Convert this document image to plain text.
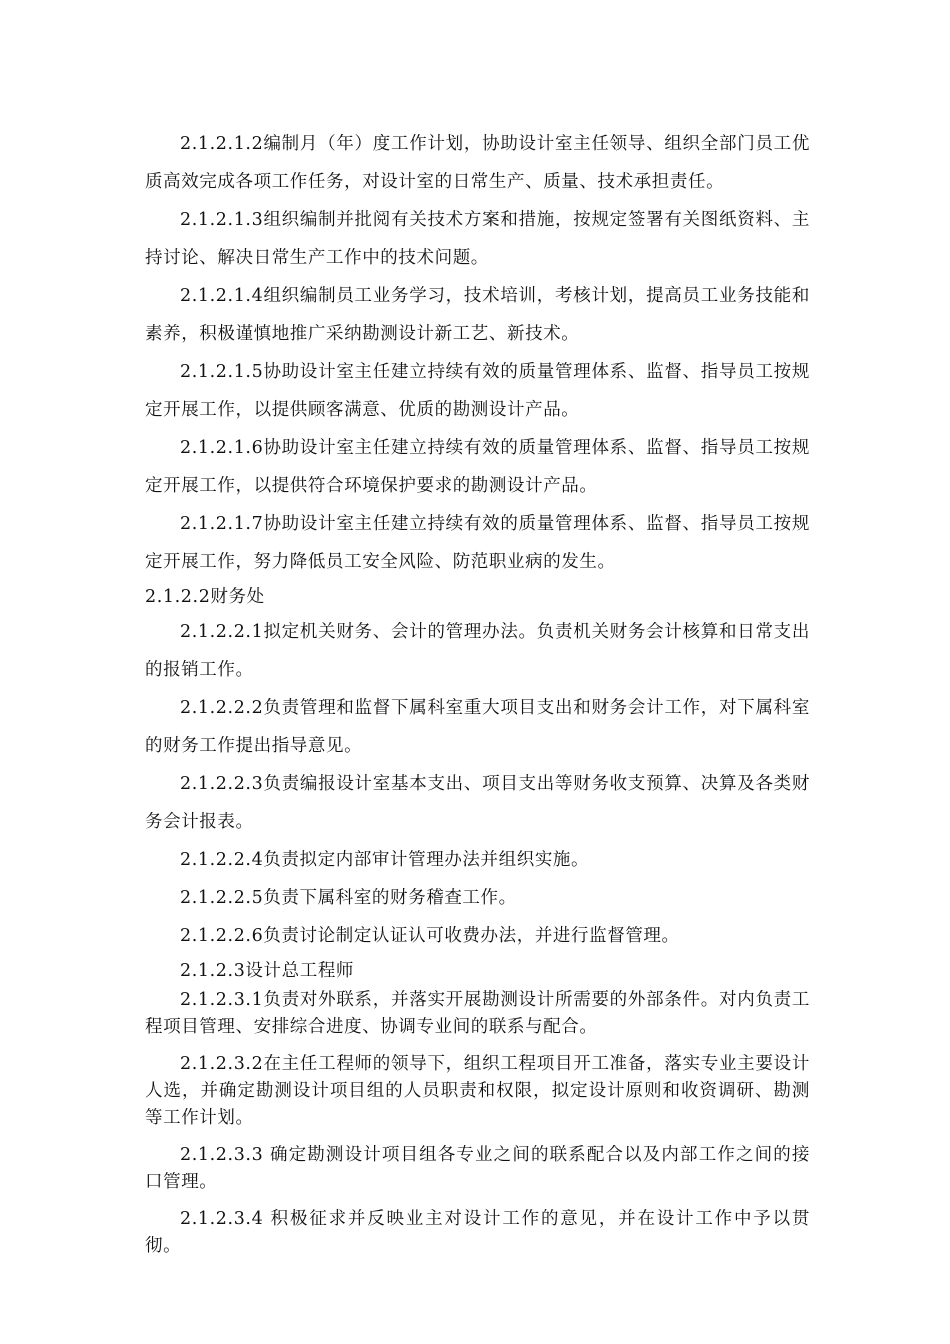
2.1.2.1.2编制月（年）度工作计划，协助设计室主任领导、组织全部门员工优质高效完成各项工作任务，对设计室的日常生产、质量、技术承担责任。

2.1.2.1.3组织编制并批阅有关技术方案和措施，按规定签署有关图纸资料、主持讨论、解决日常生产工作中的技术问题。

2.1.2.1.4组织编制员工业务学习，技术培训，考核计划，提高员工业务技能和素养，积极谨慎地推广采纳勘测设计新工艺、新技术。

2.1.2.1.5协助设计室主任建立持续有效的质量管理体系、监督、指导员工按规定开展工作，以提供顾客满意、优质的勘测设计产品。

2.1.2.1.6协助设计室主任建立持续有效的质量管理体系、监督、指导员工按规定开展工作，以提供符合环境保护要求的勘测设计产品。

2.1.2.1.7协助设计室主任建立持续有效的质量管理体系、监督、指导员工按规定开展工作，努力降低员工安全风险、防范职业病的发生。

2.1.2.2财务处

2.1.2.2.1拟定机关财务、会计的管理办法。负责机关财务会计核算和日常支出的报销工作。

2.1.2.2.2负责管理和监督下属科室重大项目支出和财务会计工作，对下属科室的财务工作提出指导意见。

2.1.2.2.3负责编报设计室基本支出、项目支出等财务收支预算、决算及各类财务会计报表。

2.1.2.2.4负责拟定内部审计管理办法并组织实施。

2.1.2.2.5负责下属科室的财务稽查工作。

2.1.2.2.6负责讨论制定认证认可收费办法，并进行监督管理。

2.1.2.3设计总工程师

2.1.2.3.1负责对外联系，并落实开展勘测设计所需要的外部条件。对内负责工程项目管理、安排综合进度、协调专业间的联系与配合。

2.1.2.3.2在主任工程师的领导下，组织工程项目开工准备，落实专业主要设计人选，并确定勘测设计项目组的人员职责和权限，拟定设计原则和收资调研、勘测等工作计划。

2.1.2.3.3 确定勘测设计项目组各专业之间的联系配合以及内部工作之间的接口管理。

2.1.2.3.4 积极征求并反映业主对设计工作的意见，并在设计工作中予以贯彻。
